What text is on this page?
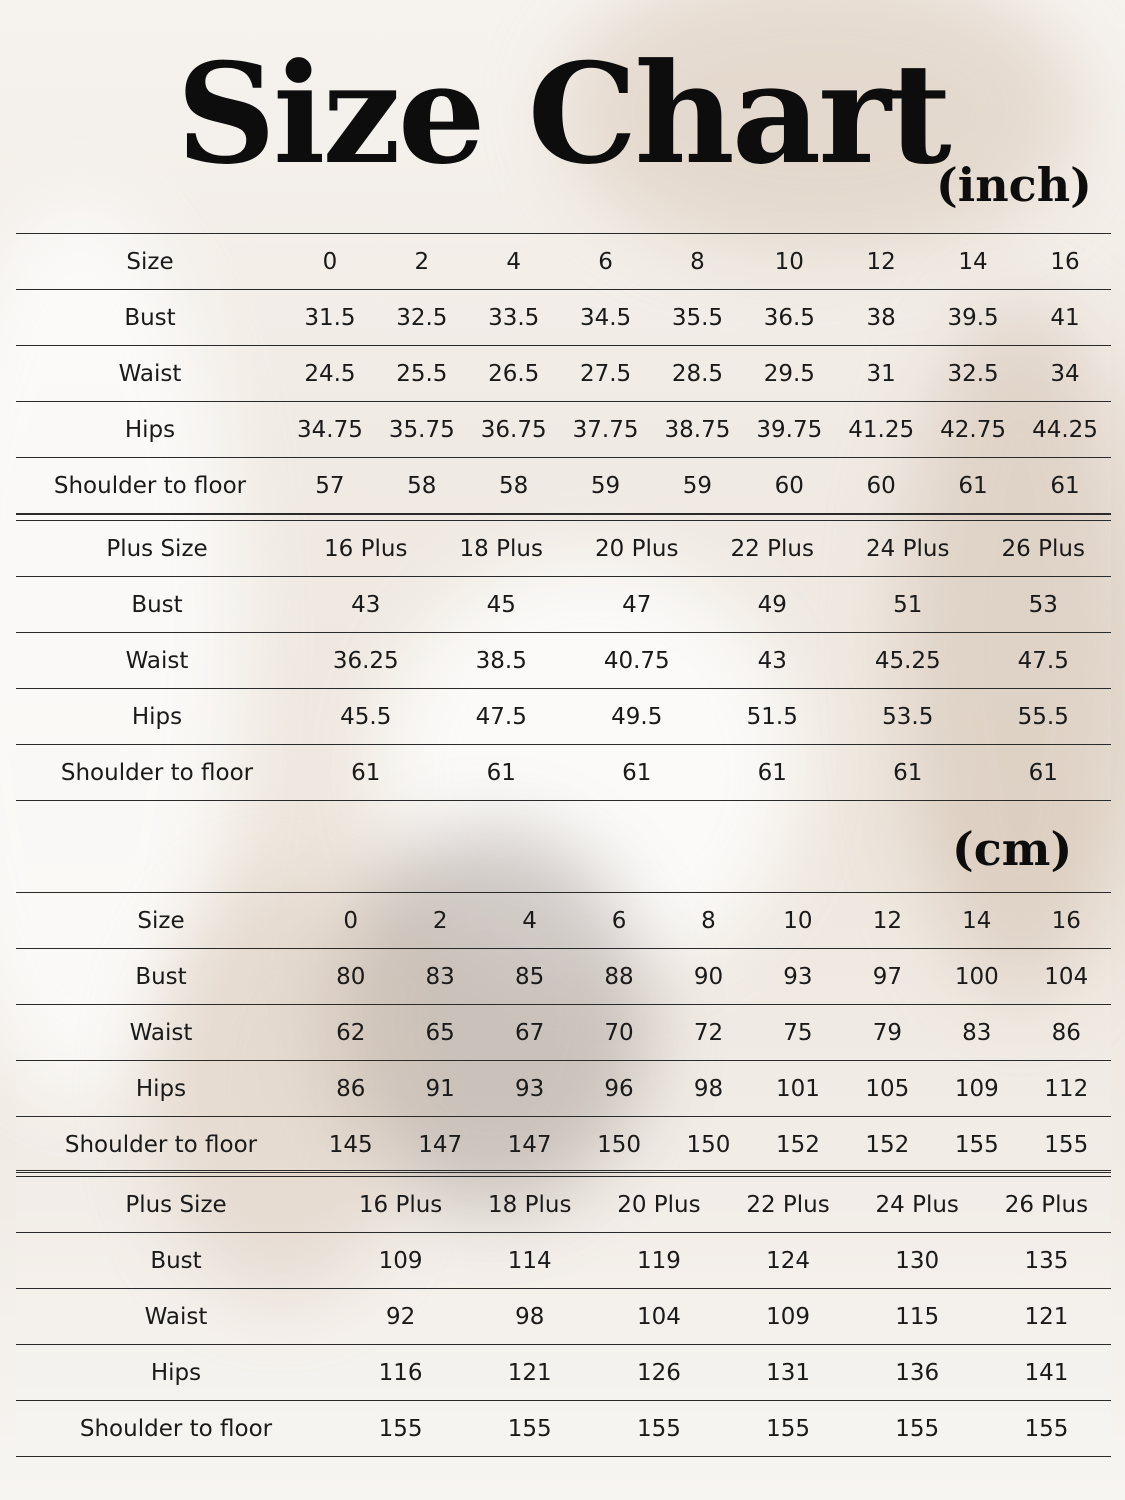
Size Chart
(inch)
(cm)
Size	0	2	4	6	8	10	12	14	16
Bust	31.5	32.5	33.5	34.5	35.5	36.5	38	39.5	41
Waist	24.5	25.5	26.5	27.5	28.5	29.5	31	32.5	34
Hips	34.75	35.75	36.75	37.75	38.75	39.75	41.25	42.75	44.25
Shoulder to floor	57	58	58	59	59	60	60	61	61
Plus Size	16 Plus	18 Plus	20 Plus	22 Plus	24 Plus	26 Plus
Bust	43	45	47	49	51	53
Waist	36.25	38.5	40.75	43	45.25	47.5
Hips	45.5	47.5	49.5	51.5	53.5	55.5
Shoulder to floor	61	61	61	61	61	61
Size	0	2	4	6	8	10	12	14	16
Bust	80	83	85	88	90	93	97	100	104
Waist	62	65	67	70	72	75	79	83	86
Hips	86	91	93	96	98	101	105	109	112
Shoulder to floor	145	147	147	150	150	152	152	155	155
Plus Size	16 Plus	18 Plus	20 Plus	22 Plus	24 Plus	26 Plus
Bust	109	114	119	124	130	135
Waist	92	98	104	109	115	121
Hips	116	121	126	131	136	141
Shoulder to floor	155	155	155	155	155	155
